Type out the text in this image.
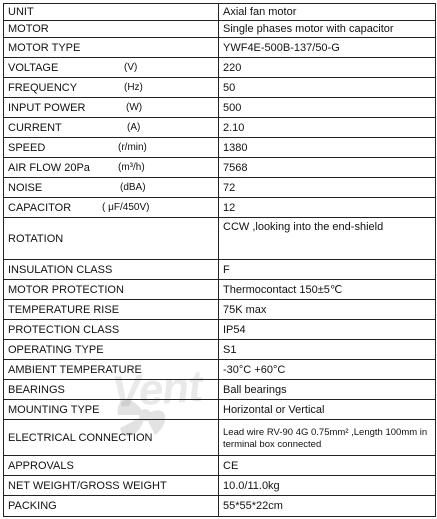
Vent
UNIT	Axial fan motor

MOTOR	Single phases motor with capacitor

MOTOR TYPE	YWF4E-500B-137/50-G

VOLTAGE (V)	220

FREQUENCY (Hz)	50

INPUT POWER (W)	500

CURRENT (A)	2.10

SPEED (r/min)	1380

AIR FLOW 20Pa (m³/h)	7568

NOISE (dBA)	72

CAPACITOR ( μF/450V)	12

ROTATION	CCW ,looking into the end-shield

INSULATION CLASS	F

MOTOR PROTECTION	Thermocontact 150±5℃

TEMPERATURE RISE	75K max

PROTECTION CLASS	IP54

OPERATING TYPE	S1

AMBIENT TEMPERATURE	-30°C +60°C

BEARINGS	Ball bearings

MOUNTING TYPE	Horizontal or Vertical

ELECTRICAL CONNECTION	Lead wire RV-90 4G 0.75mm² ,Length 100mm in terminal box connected

APPROVALS	CE

NET WEIGHT/GROSS WEIGHT	10.0/11.0kg

PACKING	55*55*22cm
